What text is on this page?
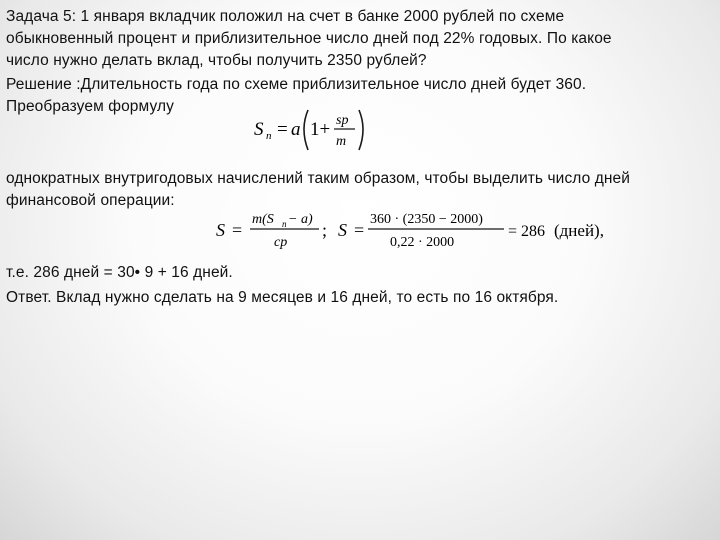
Задача 5: 1 января вкладчик положил на счет в банке 2000 рублей по схеме
обыкновенный процент и приблизительное число дней под 22% годовых. По какое
число нужно делать вклад, чтобы получить 2350 рублей?
Решение :Длительность года по схеме приблизительное число дней будет 360.
Преобразуем формулу
S n = a 1+ sp
m
однократных внутригодовых начислений таким образом, чтобы выделить число дней
финансовой операции:
S =
m(S n − a)
cp
; S =
360 · (2350 − 2000)
0,22 · 2000
= 286 (дней),
т.е. 286 дней = 30• 9 + 16 дней.
Ответ. Вклад нужно сделать на 9 месяцев и 16 дней, то есть по 16 октября.
